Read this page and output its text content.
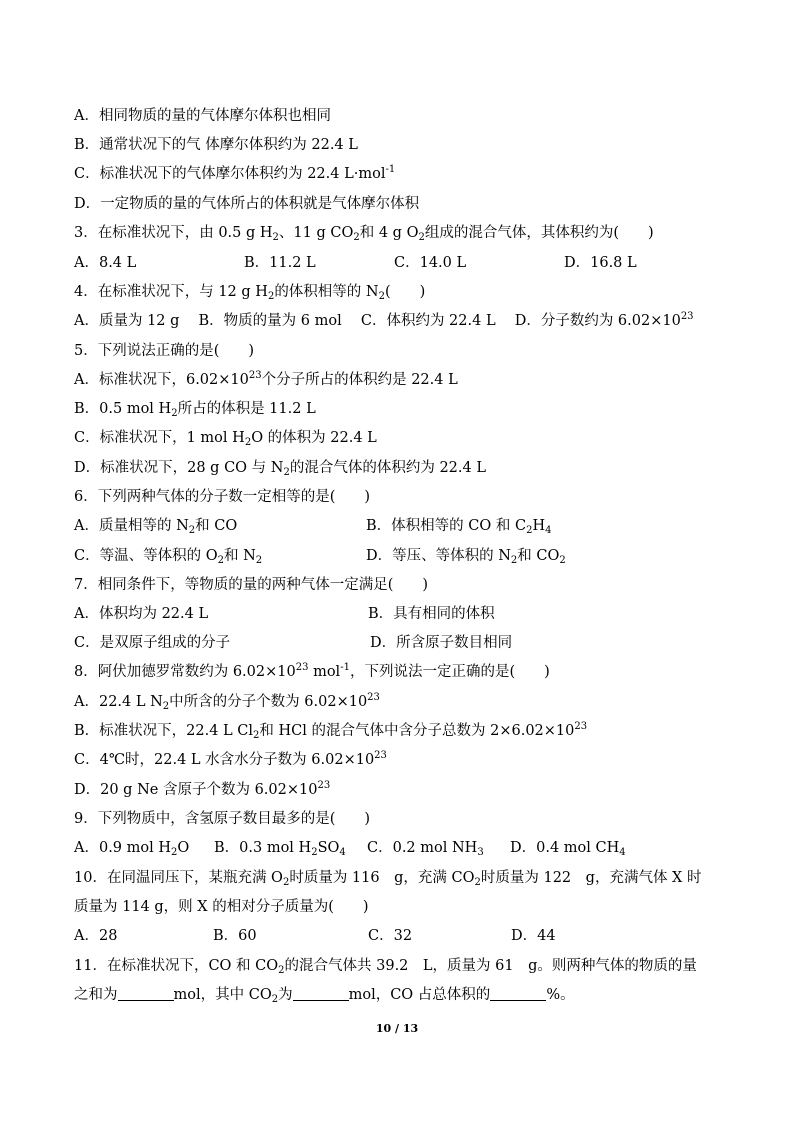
A．相同物质的量的气体摩尔体积也相同
B．通常状况下的气 体摩尔体积约为 22.4 L
C．标准状况下的气体摩尔体积约为 22.4 L·mol$^{-1}$
D．一定物质的量的气体所占的体积就是气体摩尔体积
3．在标准状况下，由 0.5 g $H_2$、11 g $CO_2$和 4 g $O_2$组成的混合气体，其体积约为(　　)
A．8.4 L	B．11.2 L	C．14.0 L	D．16.8 L
4．在标准状况下，与 12 g $H_2$的体积相等的 $N_2$(　　)
A．质量为 12 g　 B．物质的量为 6 mol　 C．体积约为 22.4 L　 D．分子数约为 $6.02\times 10^{23}$
5．下列说法正确的是(　　)
A．标准状况下，$6.02\times 10^{23}$个分子所占的体积约是 22.4 L
B．0.5 mol $H_2$所占的体积是 11.2 L
C．标准状况下，1 mol $H_2O$ 的体积为 22.4 L
D．标准状况下，28 g CO 与 $N_2$的混合气体的体积约为 22.4 L
6．下列两种气体的分子数一定相等的是(　　)
A．质量相等的 $N_2$和 CO	B．体积相等的 CO 和 $C_2H_4$
C．等温、等体积的 $O_2$和 $N_2$	D．等压、等体积的 $N_2$和 $CO_2$
7．相同条件下，等物质的量的两种气体一定满足(　　)
A．体积均为 22.4 L	B．具有相同的体积
C．是双原子组成的分子	D．所含原子数目相同
8．阿伏加德罗常数约为 $6.02\times 10^{23}$ mol$^{-1}$，下列说法一定正确的是(　　)
A．22.4 L $N_2$中所含的分子个数为 $6.02\times 10^{23}$
B．标准状况下，22.4 L $Cl_2$和 HCl 的混合气体中含分子总数为 $2\times 6.02\times 10^{23}$
C．4℃时，22.4 L 水含水分子数为 $6.02\times 10^{23}$
D．20 g Ne 含原子个数为 $6.02\times 10^{23}$
9．下列物质中，含氢原子数目最多的是(　　)
A．0.9 mol $H_2O$ B．0.3 mol $H_2SO_4$ C．0.2 mol $NH_3$ D．0.4 mol $CH_4$
10．在同温同压下，某瓶充满 $O_2$时质量为 116　g，充满 $CO_2$时质量为 122　g，充满气体 X 时
质量为 114 g，则 X 的相对分子质量为(　　)
A．28	B．60	C．32	D．44
11．在标准状况下，CO 和 $CO_2$的混合气体共 39.2　L，质量为 61　g。则两种气体的物质的量
之和为	mol，其中 $CO_2$为	mol，CO 占总体积的	%。
10 / 13
